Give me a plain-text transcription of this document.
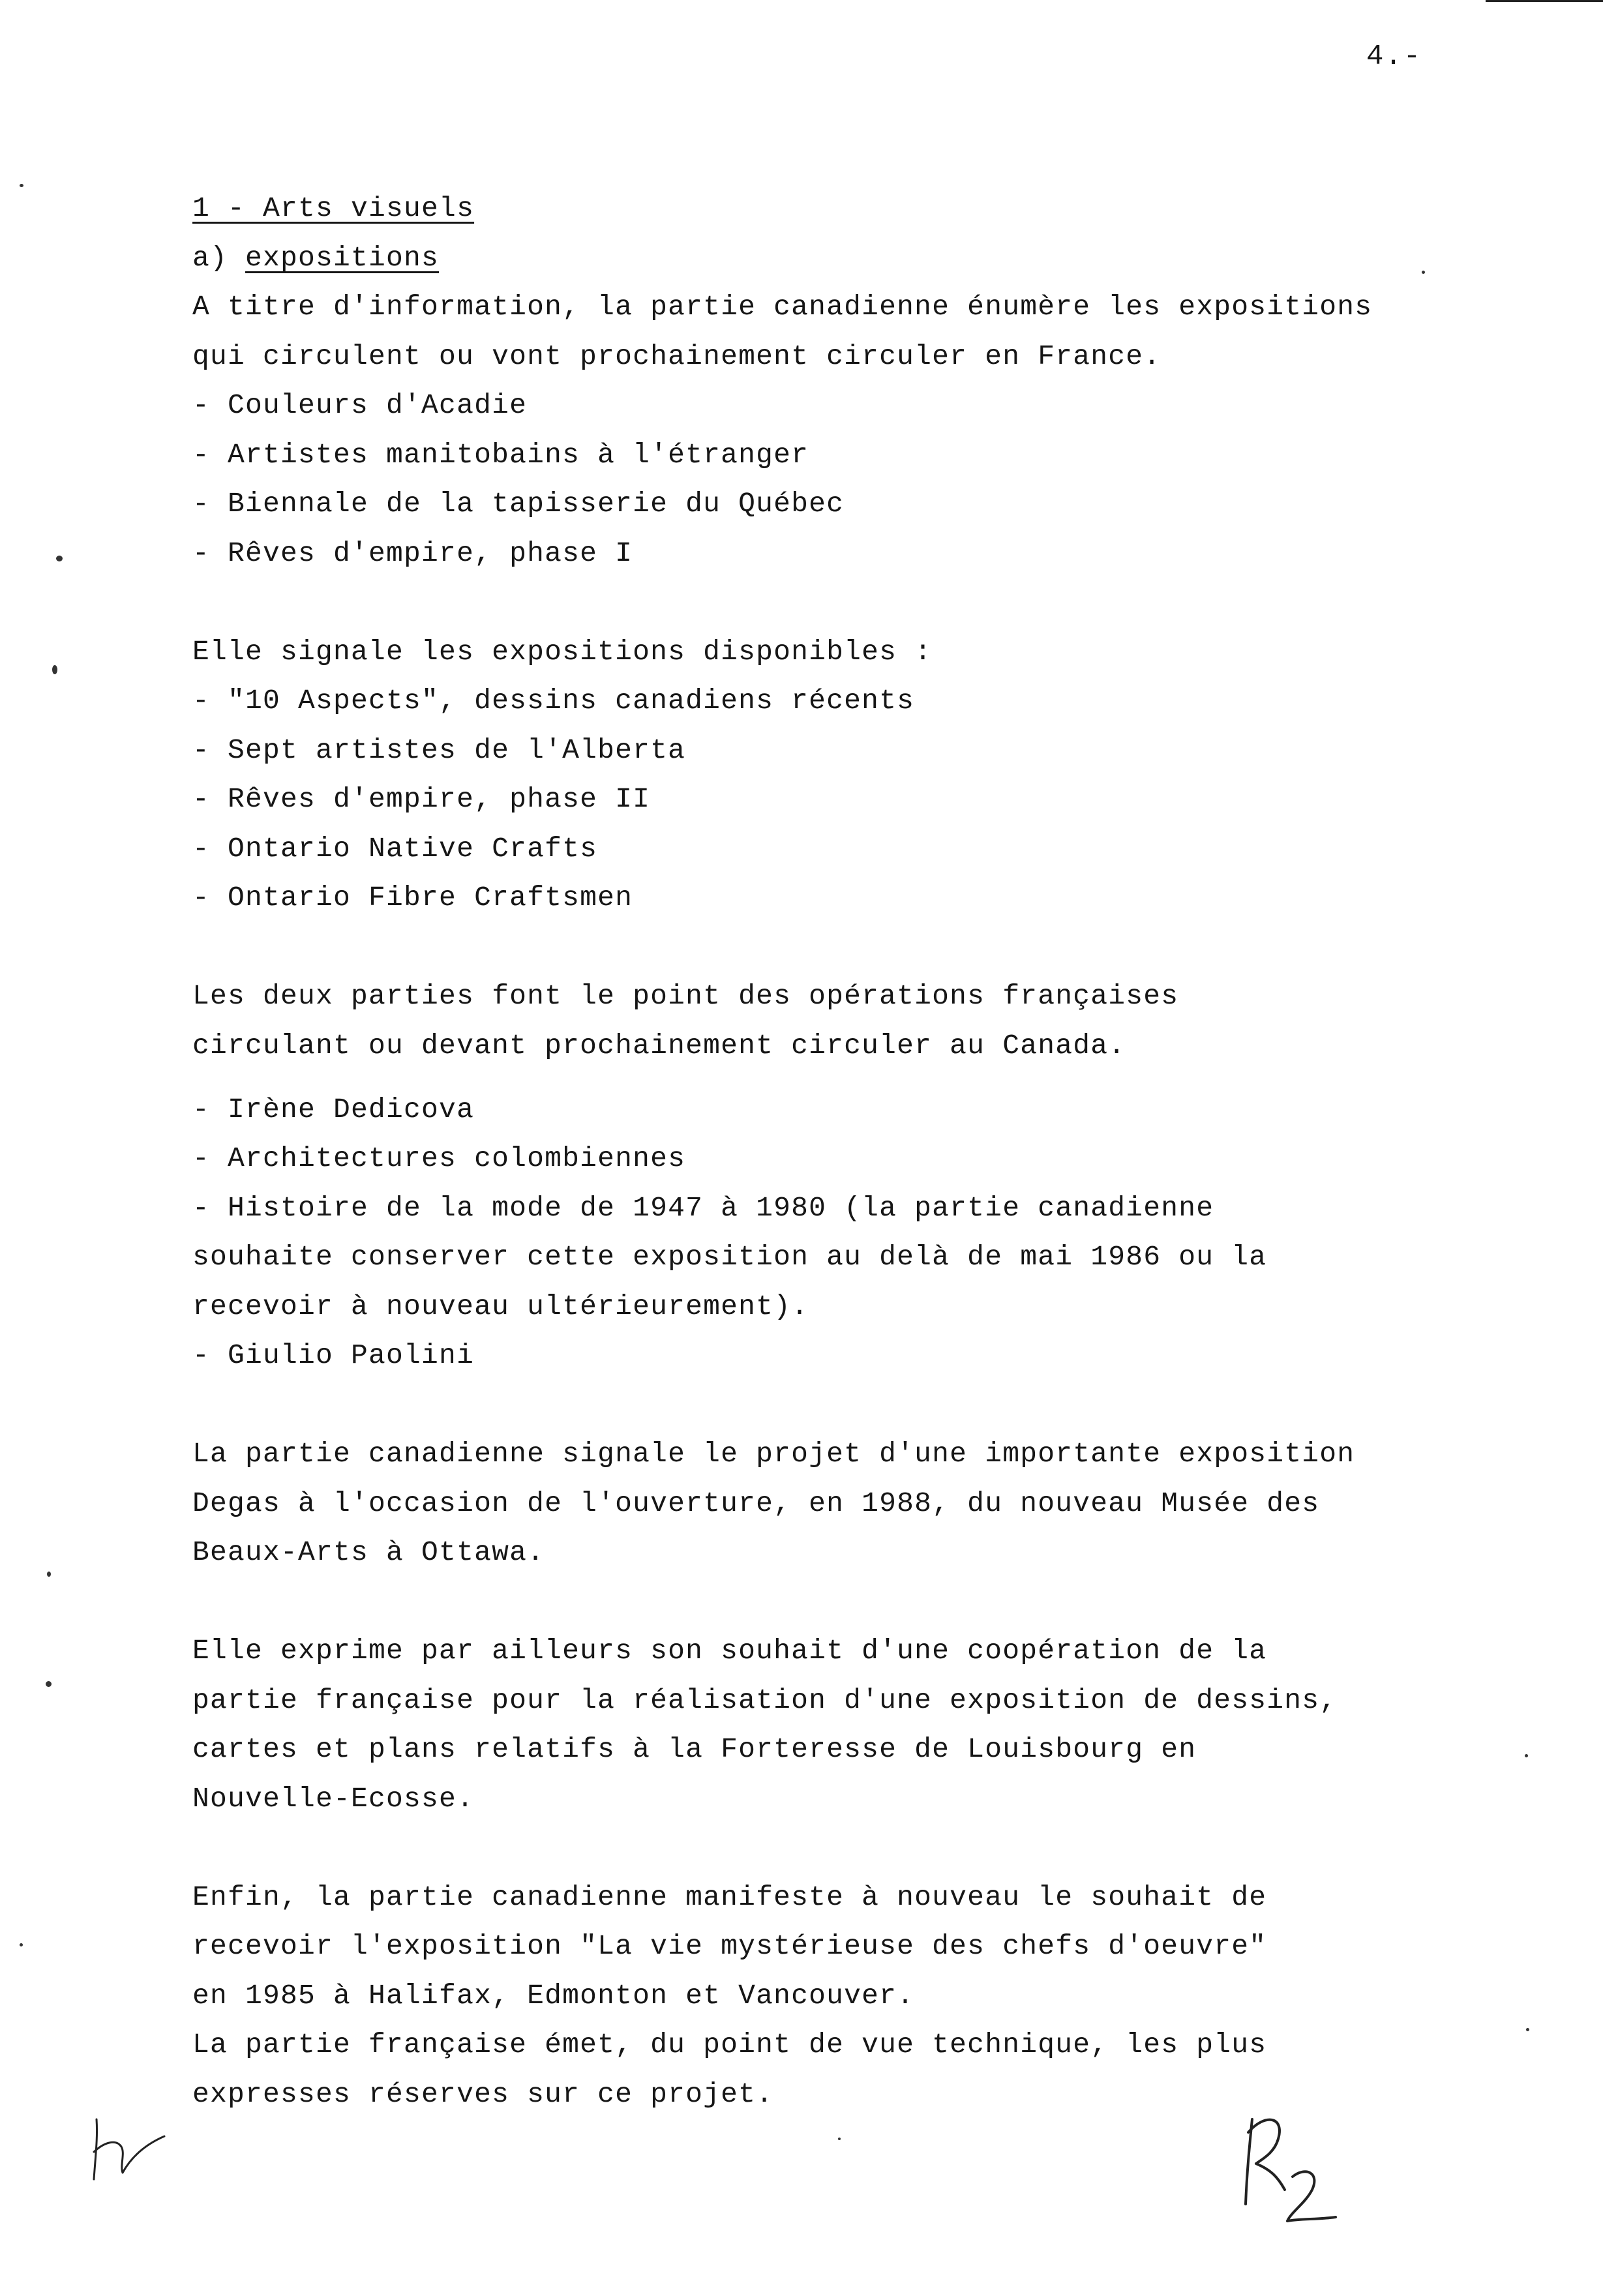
4.-
1 - Arts visuels
a) expositions
A titre d'information, la partie canadienne énumère les expositions
qui circulent ou vont prochainement circuler en France.
- Couleurs d'Acadie
- Artistes manitobains à l'étranger
- Biennale de la tapisserie du Québec
- Rêves d'empire, phase I
Elle signale les expositions disponibles :
- "10 Aspects", dessins canadiens récents
- Sept artistes de l'Alberta
- Rêves d'empire, phase II
- Ontario Native Crafts
- Ontario Fibre Craftsmen
Les deux parties font le point des opérations françaises
circulant ou devant prochainement circuler au Canada.
- Irène Dedicova
- Architectures colombiennes
- Histoire de la mode de 1947 à 1980 (la partie canadienne
souhaite conserver cette exposition au delà de mai 1986 ou la
recevoir à nouveau ultérieurement).
- Giulio Paolini
La partie canadienne signale le projet d'une importante exposition
Degas à l'occasion de l'ouverture, en 1988, du nouveau Musée des
Beaux-Arts à Ottawa.
Elle exprime par ailleurs son souhait d'une coopération de la
partie française pour la réalisation d'une exposition de dessins,
cartes et plans relatifs à la Forteresse de Louisbourg en
Nouvelle-Ecosse.
Enfin, la partie canadienne manifeste à nouveau le souhait de
recevoir l'exposition "La vie mystérieuse des chefs d'oeuvre"
en 1985 à Halifax, Edmonton et Vancouver.
La partie française émet, du point de vue technique, les plus
expresses réserves sur ce projet.
